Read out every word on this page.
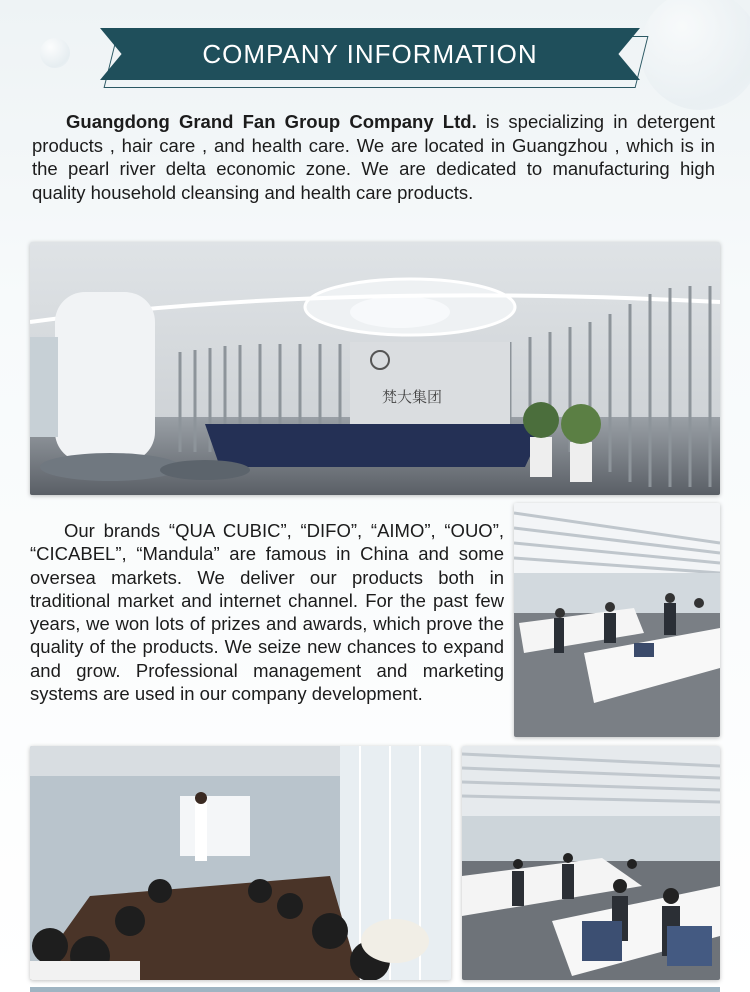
COMPANY INFORMATION

Guangdong Grand Fan Group Company Ltd. is specializing in detergent products , hair care , and health care. We are located in Guangzhou , which is in the pearl river delta economic zone. We are dedicated to manufacturing high quality household cleansing and health care products.

梵大集团

Our brands “QUA CUBIC”, “DIFO”, “AIMO”, “OUO”, “CICABEL”, “Mandula” are famous in China and some oversea markets. We deliver our products both in traditional market and internet channel. For the past few years, we won lots of prizes and awards, which prove the quality of the products. We seize new chances to expand and grow. Professional management and marketing systems are used in our company development.
